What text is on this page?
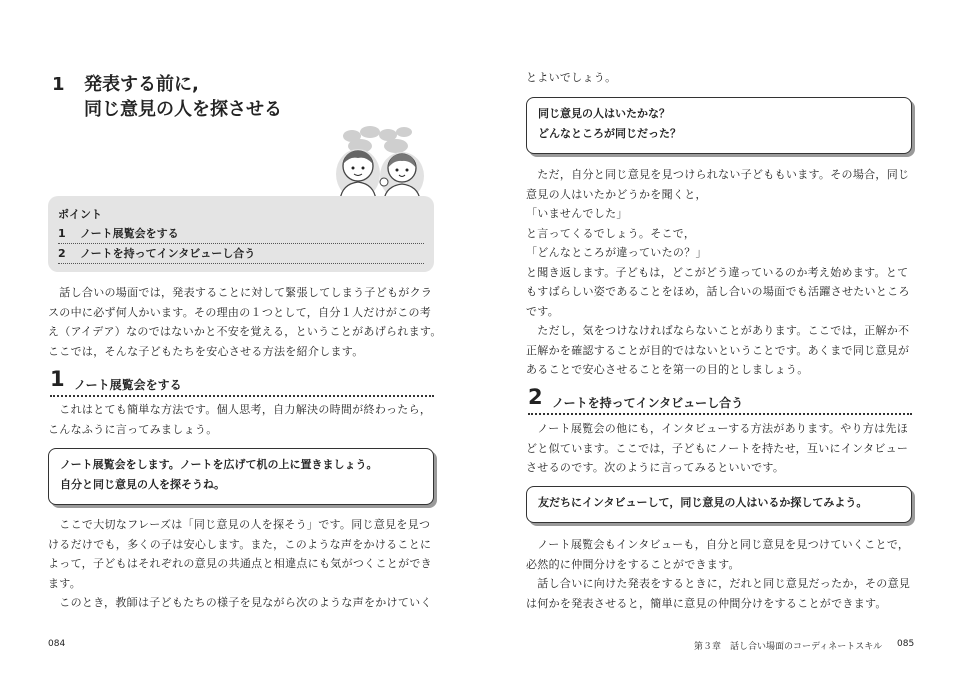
1 発表する前に,
同じ意見の人を探させる
ポイント
1 ノート展覧会をする
2 ノートを持ってインタビューし合う
　話し合いの場面では，発表することに対して緊張してしまう子どもがクラ
スの中に必ず何人かいます。その理由の１つとして，自分１人だけがこの考
え（アイデア）なのではないかと不安を覚える，ということがあげられます。
ここでは，そんな子どもたちを安心させる方法を紹介します。
1 ノート展覧会をする
　これはとても簡単な方法です。個人思考，自力解決の時間が終わったら，
こんなふうに言ってみましょう。
ノート展覧会をします。ノートを広げて机の上に置きましょう。
自分と同じ意見の人を探そうね。
　ここで大切なフレーズは「同じ意見の人を探そう」です。同じ意見を見つ
けるだけでも，多くの子は安心します。また，このような声をかけることに
よって，子どもはそれぞれの意見の共通点と相違点にも気がつくことができ
ます。
　このとき，教師は子どもたちの様子を見ながら次のような声をかけていく
084
とよいでしょう。
同じ意見の人はいたかな？
どんなところが同じだった？
　ただ，自分と同じ意見を見つけられない子どももいます。その場合，同じ
意見の人はいたかどうかを聞くと，
「いませんでした」
と言ってくるでしょう。そこで，
「どんなところが違っていたの？」
と聞き返します。子どもは，どこがどう違っているのか考え始めます。とて
もすばらしい姿であることをほめ，話し合いの場面でも活躍させたいところ
です。
　ただし，気をつけなければならないことがあります。ここでは，正解か不
正解かを確認することが目的ではないということです。あくまで同じ意見が
あることで安心させることを第一の目的としましょう。
2 ノートを持ってインタビューし合う
　ノート展覧会の他にも，インタビューする方法があります。やり方は先ほ
どと似ています。ここでは，子どもにノートを持たせ，互いにインタビュー
させるのです。次のように言ってみるといいです。
友だちにインタビューして，同じ意見の人はいるか探してみよう。
　ノート展覧会もインタビューも，自分と同じ意見を見つけていくことで，
必然的に仲間分けをすることができます。
　話し合いに向けた発表をするときに，だれと同じ意見だったか，その意見
は何かを発表させると，簡単に意見の仲間分けをすることができます。
第３章　話し合い場面のコーディネートスキル 085
